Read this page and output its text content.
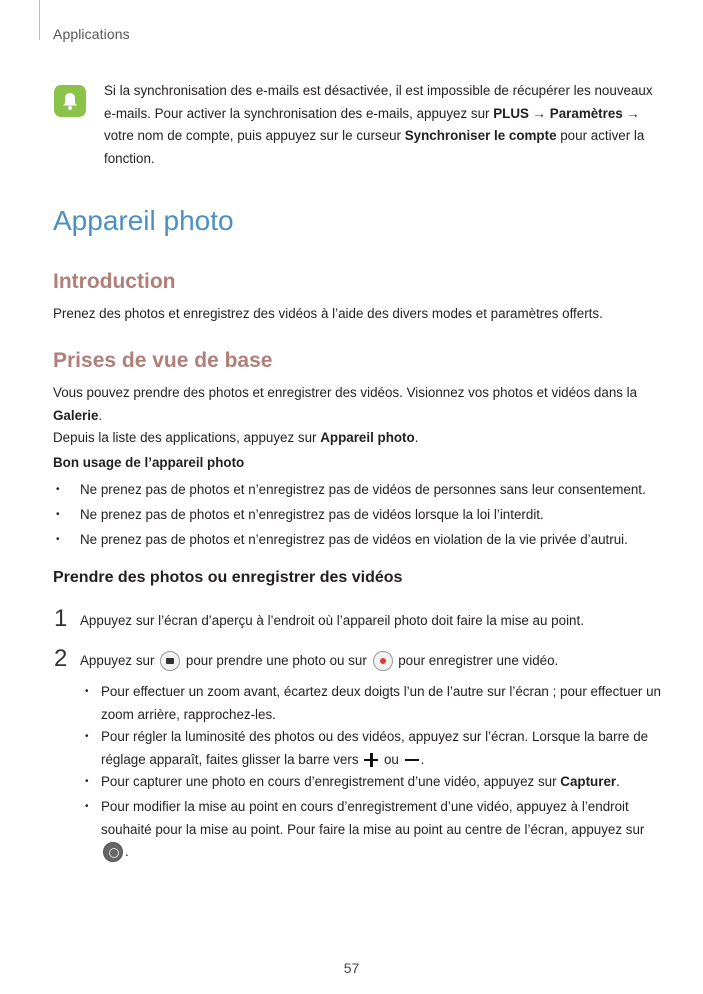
Applications
Si la synchronisation des e-mails est désactivée, il est impossible de récupérer les nouveaux e-mails. Pour activer la synchronisation des e-mails, appuyez sur PLUS → Paramètres → votre nom de compte, puis appuyez sur le curseur Synchroniser le compte pour activer la fonction.
Appareil photo
Introduction
Prenez des photos et enregistrez des vidéos à l’aide des divers modes et paramètres offerts.
Prises de vue de base
Vous pouvez prendre des photos et enregistrer des vidéos. Visionnez vos photos et vidéos dans la Galerie.
Depuis la liste des applications, appuyez sur Appareil photo.
Bon usage de l’appareil photo
• Ne prenez pas de photos et n’enregistrez pas de vidéos de personnes sans leur consentement.
• Ne prenez pas de photos et n’enregistrez pas de vidéos lorsque la loi l’interdit.
• Ne prenez pas de photos et n’enregistrez pas de vidéos en violation de la vie privée d’autrui.
Prendre des photos ou enregistrer des vidéos
1 Appuyez sur l’écran d’aperçu à l’endroit où l’appareil photo doit faire la mise au point.
2 Appuyez sur  pour prendre une photo ou sur  pour enregistrer une vidéo.
• Pour effectuer un zoom avant, écartez deux doigts l’un de l’autre sur l’écran ; pour effectuer un zoom arrière, rapprochez-les.
• Pour régler la luminosité des photos ou des vidéos, appuyez sur l’écran. Lorsque la barre de réglage apparaît, faites glisser la barre vers  ou .
• Pour capturer une photo en cours d’enregistrement d’une vidéo, appuyez sur Capturer.
• Pour modifier la mise au point en cours d’enregistrement d’une vidéo, appuyez à l’endroit souhaité pour la mise au point. Pour faire la mise au point au centre de l’écran, appuyez sur .
57
